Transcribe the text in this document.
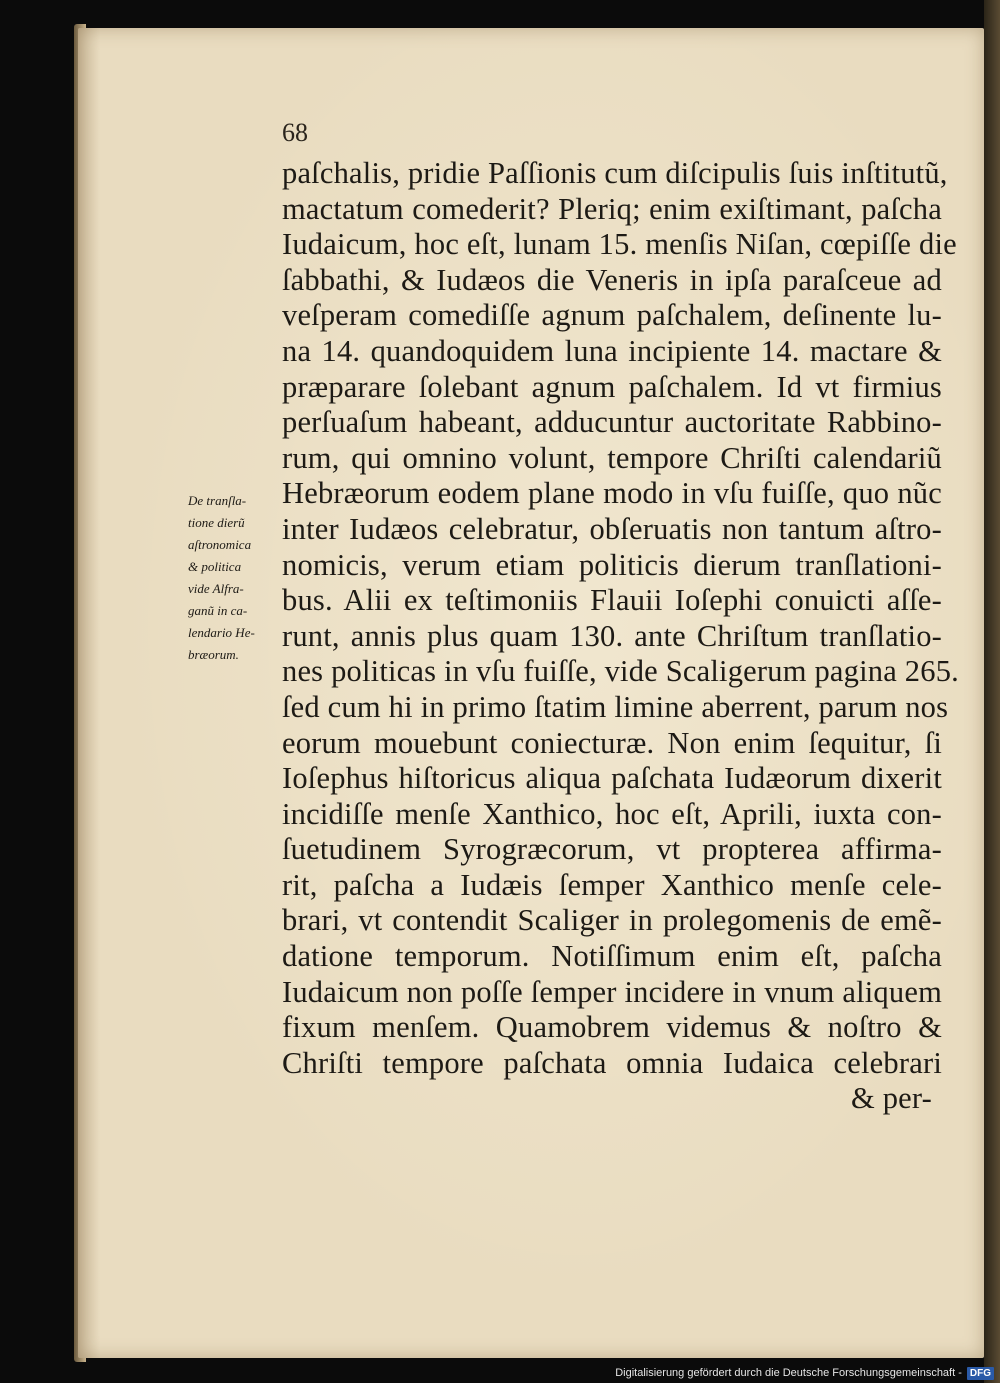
68
paſchalis, pridie Paſſionis cum diſcipulis ſuis inſtitutũ,
mactatum comederit? Pleriq; enim exiſtimant, paſcha
Iudaicum, hoc eſt, lunam 15. menſis Niſan, cœpiſſe die
ſabbathi, & Iudæos die Veneris in ipſa paraſceue ad
veſperam comediſſe agnum paſchalem, deſinente lu-
na 14. quandoquidem luna incipiente 14. mactare &
præparare ſolebant agnum paſchalem. Id vt firmius
perſuaſum habeant, adducuntur auctoritate Rabbino-
rum, qui omnino volunt, tempore Chriſti calendariũ
Hebræorum eodem plane modo in vſu fuiſſe, quo nũc
inter Iudæos celebratur, obſeruatis non tantum aſtro-
nomicis, verum etiam politicis dierum tranſlationi-
bus. Alii ex teſtimoniis Flauii Ioſephi conuicti aſſe-
runt, annis plus quam 130. ante Chriſtum tranſlatio-
nes politicas in vſu fuiſſe, vide Scaligerum pagina 265.
ſed cum hi in primo ſtatim limine aberrent, parum nos
eorum mouebunt coniecturæ. Non enim ſequitur, ſi
Ioſephus hiſtoricus aliqua paſchata Iudæorum dixerit
incidiſſe menſe Xanthico, hoc eſt, Aprili, iuxta con-
ſuetudinem Syrogræcorum, vt propterea affirma-
rit, paſcha a Iudæis ſemper Xanthico menſe cele-
brari, vt contendit Scaliger in prolegomenis de emẽ-
datione temporum. Notiſſimum enim eſt, paſcha
Iudaicum non poſſe ſemper incidere in vnum aliquem
fixum menſem. Quamobrem videmus & noſtro &
Chriſti tempore paſchata omnia Iudaica celebrari
& per-
De tranſla-
tione dierũ
aſtronomica
& politica
vide Alfra-
ganũ in ca-
lendario He-
bræorum.
Digitalisierung gefördert durch die Deutsche Forschungsgemeinschaft - DFG
